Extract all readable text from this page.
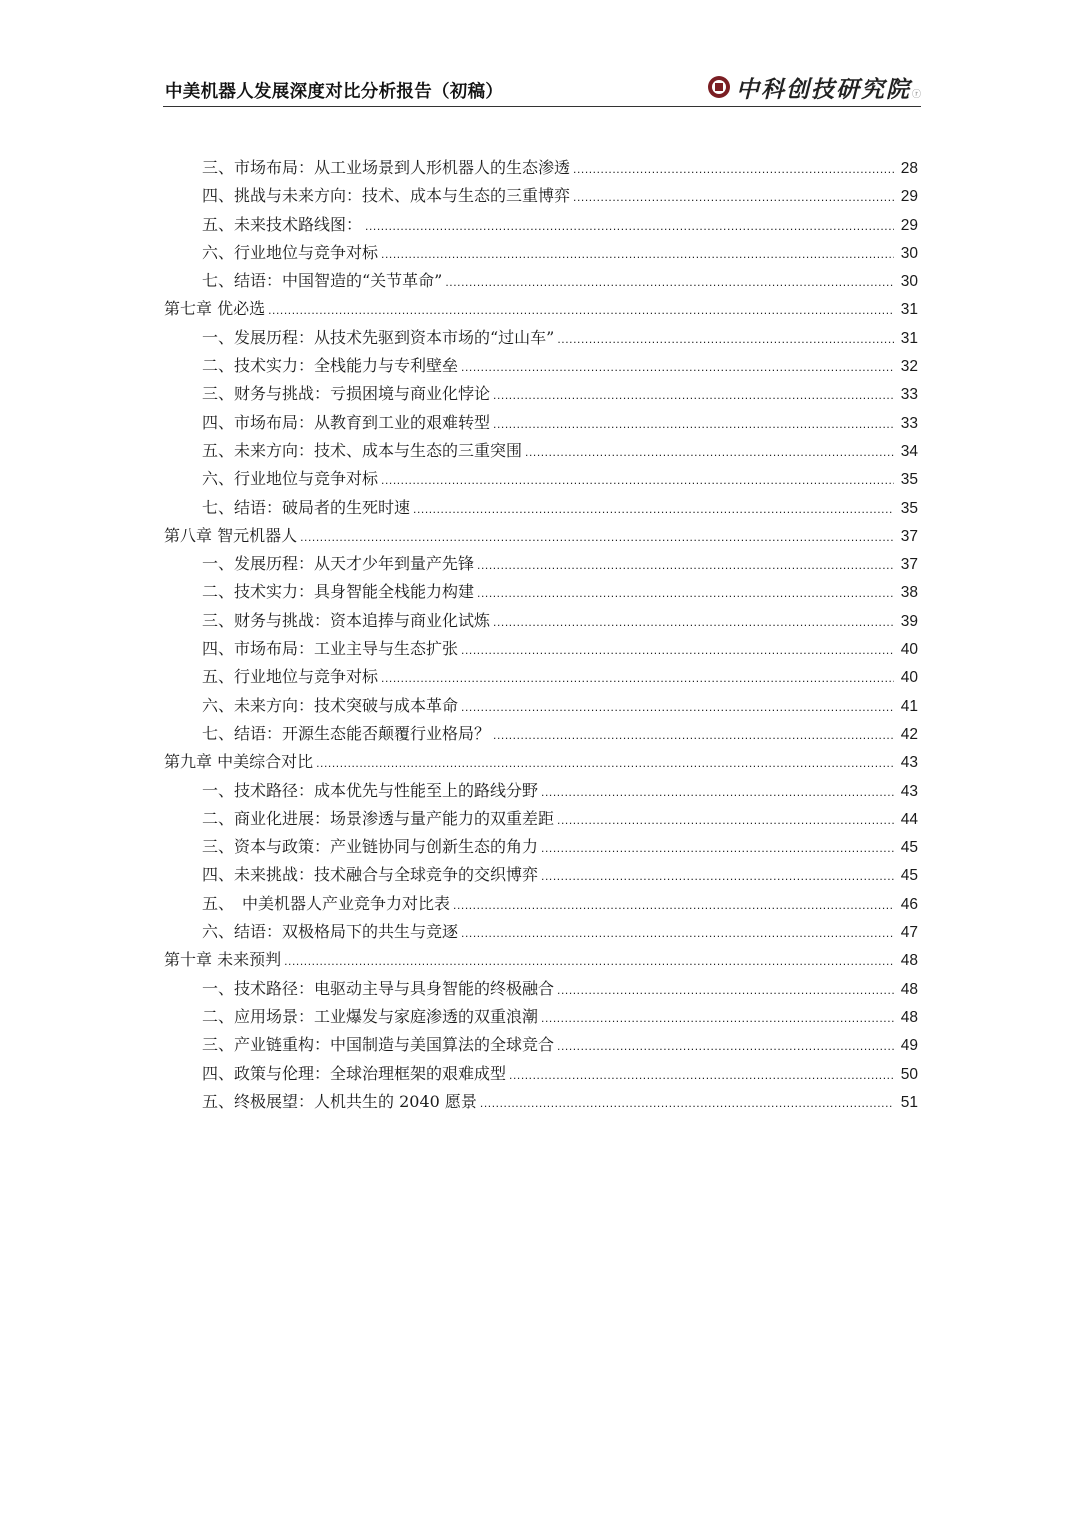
中美机器人发展深度对比分析报告（初稿）	中科创技研究院 ⓡ
三、市场布局：从工业场景到人形机器人的生态渗透 .....	28
四、挑战与未来方向：技术、成本与生态的三重博弈 .....	29
五、未来技术路线图： .....	29
六、行业地位与竞争对标 .....	30
七、结语：中国智造的“关节革命” .....	30
第七章 优必选 .....	31
一、发展历程：从技术先驱到资本市场的“过山车” .....	31
二、技术实力：全栈能力与专利壁垒 .....	32
三、财务与挑战：亏损困境与商业化悖论 .....	33
四、市场布局：从教育到工业的艰难转型 .....	33
五、未来方向：技术、成本与生态的三重突围 .....	34
六、行业地位与竞争对标 .....	35
七、结语：破局者的生死时速 .....	35
第八章 智元机器人 .....	37
一、发展历程：从天才少年到量产先锋 .....	37
二、技术实力：具身智能全栈能力构建 .....	38
三、财务与挑战：资本追捧与商业化试炼 .....	39
四、市场布局：工业主导与生态扩张 .....	40
五、行业地位与竞争对标 .....	40
六、未来方向：技术突破与成本革命 .....	41
七、结语：开源生态能否颠覆行业格局？ .....	42
第九章 中美综合对比 .....	43
一、技术路径：成本优先与性能至上的路线分野 .....	43
二、商业化进展：场景渗透与量产能力的双重差距 .....	44
三、资本与政策：产业链协同与创新生态的角力 .....	45
四、未来挑战：技术融合与全球竞争的交织博弈 .....	45
五、　中美机器人产业竞争力对比表 .....	46
六、结语：双极格局下的共生与竞逐 .....	47
第十章 未来预判 .....	48
一、技术路径：电驱动主导与具身智能的终极融合 .....	48
二、应用场景：工业爆发与家庭渗透的双重浪潮 .....	48
三、产业链重构：中国制造与美国算法的全球竞合 .....	49
四、政策与伦理：全球治理框架的艰难成型 .....	50
五、终极展望：人机共生的 2040 愿景 .....	51
